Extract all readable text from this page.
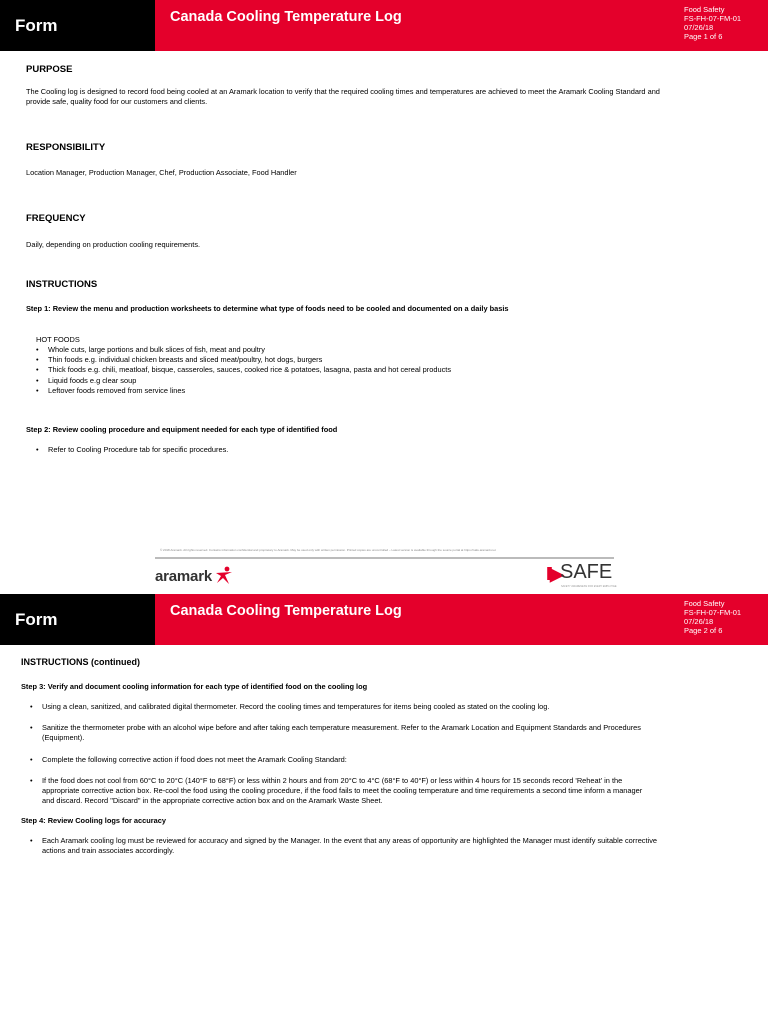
Form	Canada Cooling Temperature Log	Food Safety
FS-FH-07-FM-01
07/26/18
Page 1 of 6
PURPOSE
The Cooling log is designed to record food being cooled at an Aramark location to verify that the required cooling times and temperatures are achieved to meet the Aramark Cooling Standard and
provide safe, quality food for our customers and clients.
RESPONSIBILITY
Location Manager, Production Manager, Chef, Production Associate, Food Handler
FREQUENCY
Daily, depending on production cooling requirements.
INSTRUCTIONS
Step 1: Review the menu and production worksheets to determine what type of foods need to be cooled and documented on a daily basis
HOT FOODS
• Whole cuts, large portions and bulk slices of fish, meat and poultry
• Thin foods e.g. individual chicken breasts and sliced meat/poultry, hot dogs, burgers
• Thick foods e.g. chili, meatloaf, bisque, casseroles, sauces, cooked rice & potatoes, lasagna, pasta and hot cereal products
• Liquid foods e.g clear soup
• Leftover foods removed from service lines
Step 2: Review cooling procedure and equipment needed for each type of identified food
• Refer to Cooling Procedure tab for specific procedures.
© 2018 Aramark. All rights reserved. Contains information confidential and proprietary to Aramark. May be used only with written permission. Printed copies are uncontrolled – Latest version is available through the source portal at https://safe.aramark.net
aramark	II▶ SAFE
SAFETY AWARENESS FOR EVERY EMPLOYEE
Form	Canada Cooling Temperature Log	Food Safety
FS-FH-07-FM-01
07/26/18
Page 2 of 6
INSTRUCTIONS (continued)
Step 3: Verify and document cooling information for each type of identified food on the cooling log
• Using a clean, sanitized, and calibrated digital thermometer. Record the cooling times and temperatures for items being cooled as stated on the cooling log.
• Sanitize the thermometer probe with an alcohol wipe before and after taking each temperature measurement. Refer to the Aramark Location and Equipment Standards and Procedures
(Equipment).
• Complete the following corrective action if food does not meet the Aramark Cooling Standard:
• If the food does not cool from 60°C to 20°C (140°F to 68°F) or less within 2 hours and from 20°C to 4°C (68°F to 40°F) or less within 4 hours for 15 seconds record 'Reheat' in the
appropriate corrective action box. Re-cool the food using the cooling procedure, if the food fails to meet the cooling temperature and time requirements a second time inform a manager
and discard. Record "Discard" in the appropriate corrective action box and on the Aramark Waste Sheet.
Step 4: Review Cooling logs for accuracy
• Each Aramark cooling log must be reviewed for accuracy and signed by the Manager. In the event that any areas of opportunity are highlighted the Manager must identify suitable corrective
actions and train associates accordingly.
